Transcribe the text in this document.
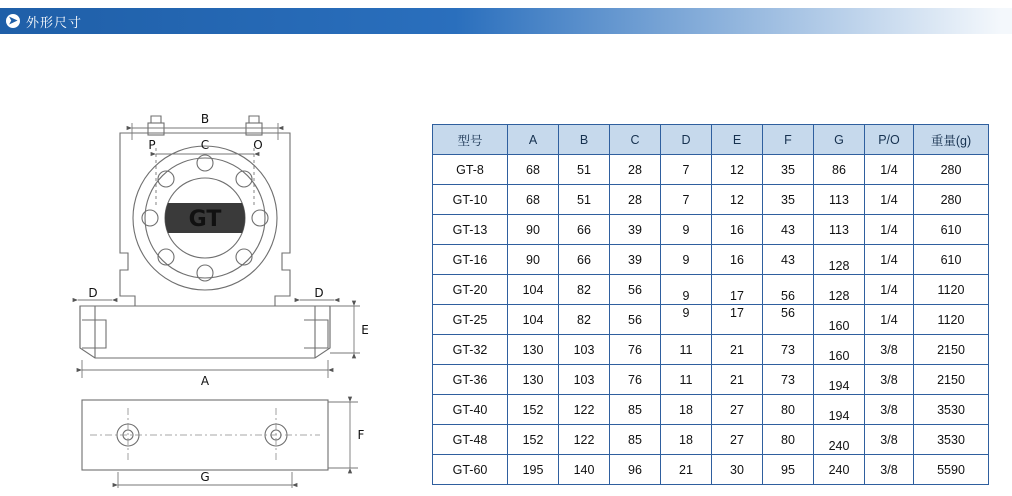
➤ 外形尺寸
GT
B
C
P	O
A
D	D
E
F
G
型号	A	B	C	D	E	F	G	P/O	重量(g)
GT-8	68	51	28	7	12	35	86	1/4	280
GT-10	68	51	28	7	12	35	113	1/4	280
GT-13	90	66	39	9	16	43	113	1/4	610
GT-16	90	66	39	9	16	43	128	1/4	610
GT-20	104	82	56	9	17	56	128	1/4	1120
GT-25	104	82	56	9	17	56	160	1/4	1120
GT-32	130	103	76	11	21	73	160	3/8	2150
GT-36	130	103	76	11	21	73	194	3/8	2150
GT-40	152	122	85	18	27	80	194	3/8	3530
GT-48	152	122	85	18	27	80	240	3/8	3530
GT-60	195	140	96	21	30	95	240	3/8	5590
